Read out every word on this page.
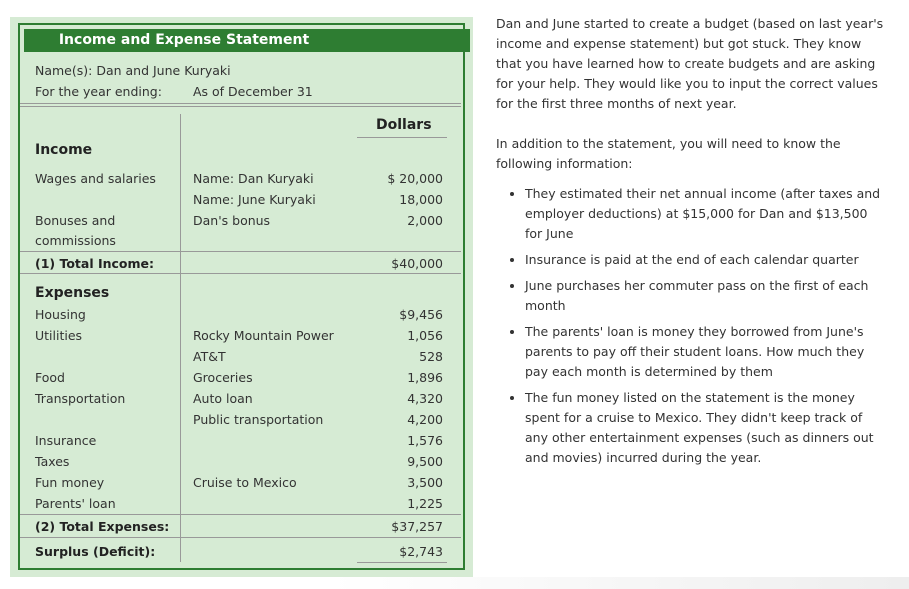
Income and Expense Statement
Name(s): Dan and June Kuryaki
For the year ending: As of December 31
Dollars
Income
Wages and salaries	Name: Dan Kuryaki	$ 20,000
Name: June Kuryaki	18,000
Bonuses and	Dan's bonus	2,000
commissions
(1) Total Income:	$40,000
Expenses
Housing	$9,456
Utilities	Rocky Mountain Power	1,056
AT&T	528
Food	Groceries	1,896
Transportation	Auto loan	4,320
Public transportation	4,200
Insurance	1,576
Taxes	9,500
Fun money	Cruise to Mexico	3,500
Parents' loan	1,225
(2) Total Expenses:	$37,257
Surplus (Deficit):	$2,743

Dan and June started to create a budget (based on last year's income and expense statement) but got stuck. They know that you have learned how to create budgets and are asking for your help. They would like you to input the correct values for the first three months of next year.

In addition to the statement, you will need to know the following information:

• They estimated their net annual income (after taxes and employer deductions) at $15,000 for Dan and $13,500 for June
• Insurance is paid at the end of each calendar quarter
• June purchases her commuter pass on the first of each month
• The parents' loan is money they borrowed from June's parents to pay off their student loans. How much they pay each month is determined by them
• The fun money listed on the statement is the money spent for a cruise to Mexico. They didn't keep track of any other entertainment expenses (such as dinners out and movies) incurred during the year.
